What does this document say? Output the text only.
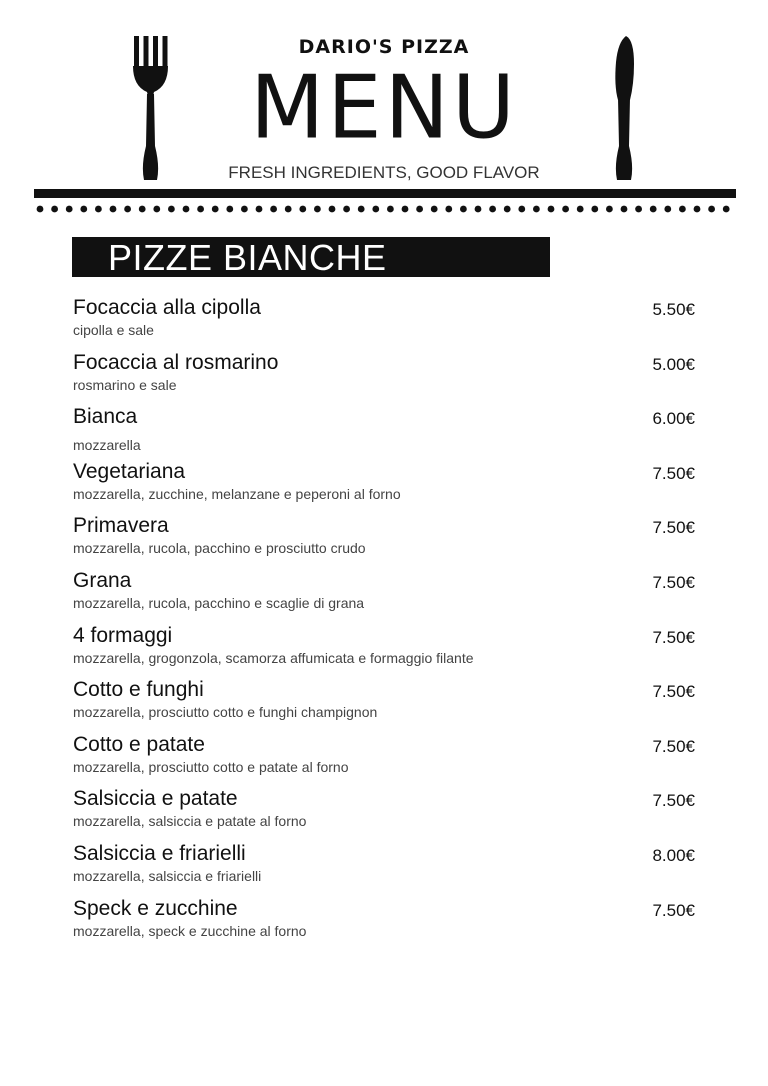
DARIO'S PIZZA
MENU
FRESH INGREDIENTS, GOOD FLAVOR
PIZZE BIANCHE
Focaccia alla cipolla
cipolla e sale
5.50€
Focaccia al rosmarino
rosmarino e sale
5.00€
Bianca
mozzarella
6.00€
Vegetariana
mozzarella, zucchine, melanzane e peperoni al forno
7.50€
Primavera
mozzarella, rucola, pacchino e prosciutto crudo
7.50€
Grana
mozzarella, rucola, pacchino e scaglie di grana
7.50€
4 formaggi
mozzarella, grogonzola, scamorza affumicata e formaggio filante
7.50€
Cotto e funghi
mozzarella, prosciutto cotto e funghi champignon
7.50€
Cotto e patate
mozzarella, prosciutto cotto e patate al forno
7.50€
Salsiccia e patate
mozzarella, salsiccia e patate al forno
7.50€
Salsiccia e friarielli
mozzarella, salsiccia e friarielli
8.00€
Speck e zucchine
mozzarella, speck e zucchine al forno
7.50€
